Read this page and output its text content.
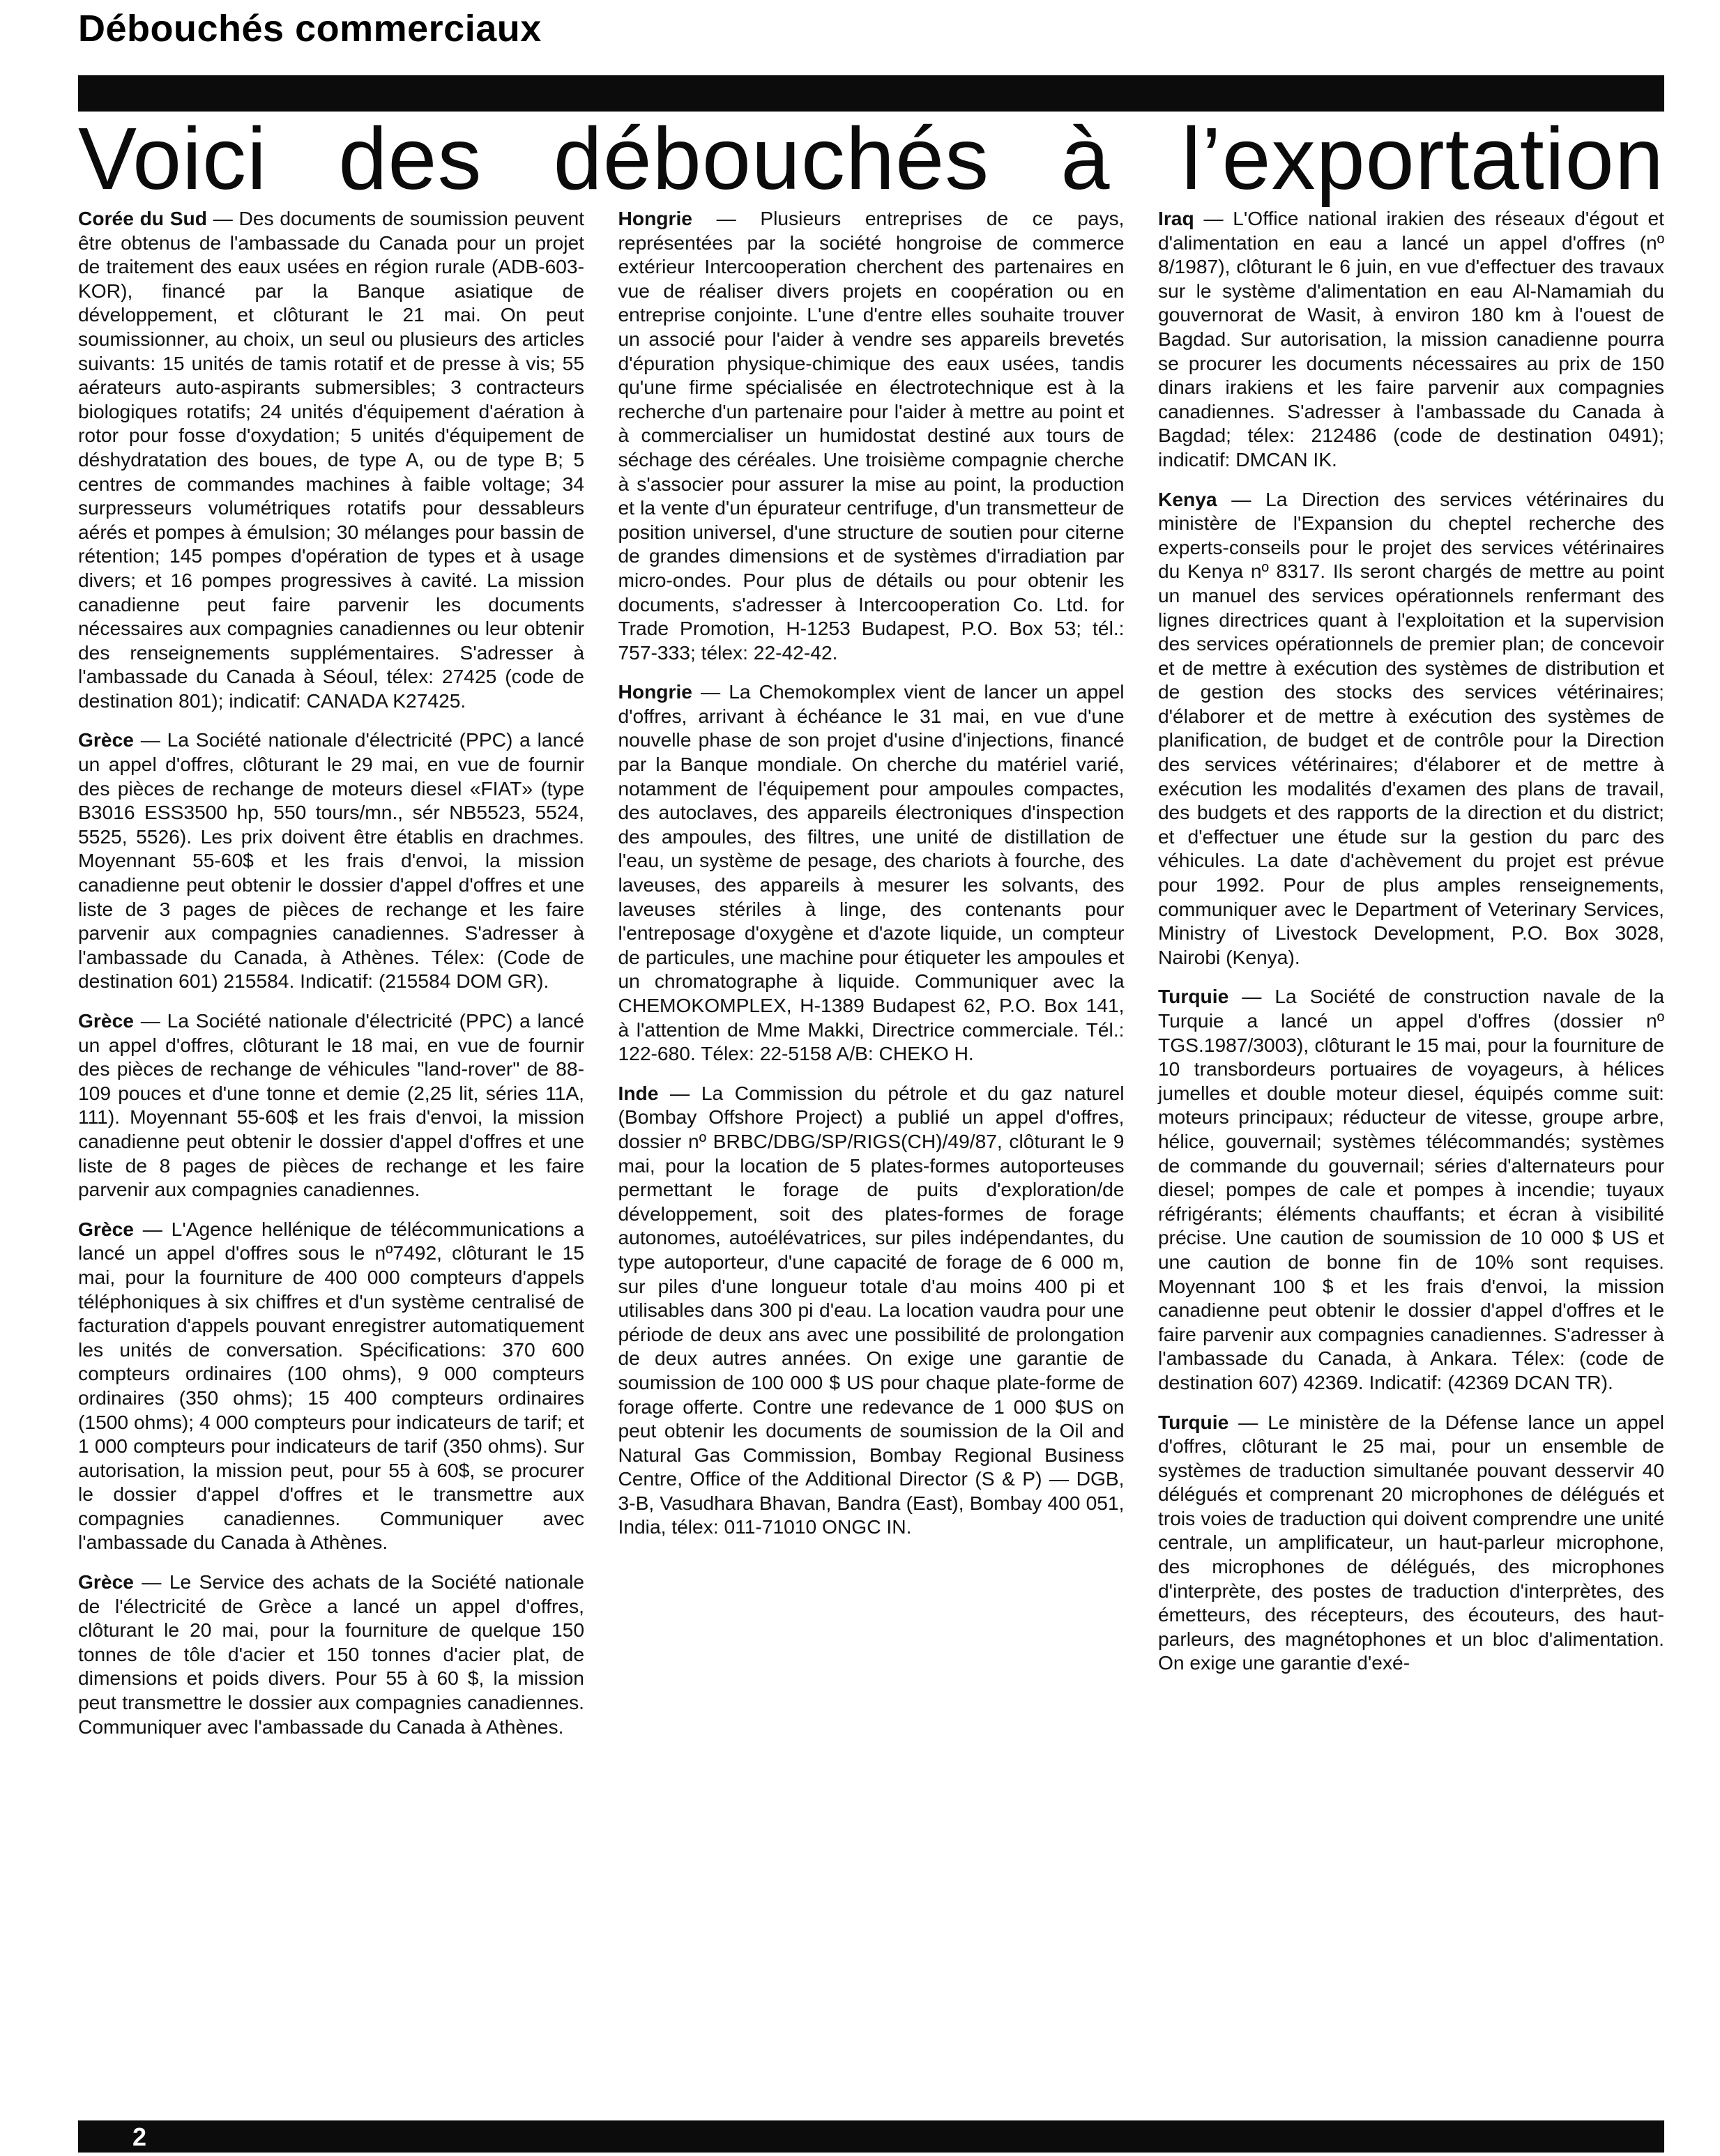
Débouchés commerciaux
Voici des débouchés à l’exportation

Corée du Sud — Des documents de soumission peuvent être obtenus de l'ambassade du Canada pour un projet de traitement des eaux usées en région rurale (ADB-603-KOR), financé par la Banque asiatique de développement, et clôturant le 21 mai. On peut soumissionner, au choix, un seul ou plusieurs des articles suivants: 15 unités de tamis rotatif et de presse à vis; 55 aérateurs auto-aspirants submersibles; 3 contracteurs biologiques rotatifs; 24 unités d'équipement d'aération à rotor pour fosse d'oxydation; 5 unités d'équipement de déshydratation des boues, de type A, ou de type B; 5 centres de commandes machines à faible voltage; 34 surpresseurs volumétriques rotatifs pour dessableurs aérés et pompes à émulsion; 30 mélanges pour bassin de rétention; 145 pompes d'opération de types et à usage divers; et 16 pompes progressives à cavité. La mission canadienne peut faire parvenir les documents nécessaires aux compagnies canadiennes ou leur obtenir des renseignements supplémentaires. S'adresser à l'ambassade du Canada à Séoul, télex: 27425 (code de destination 801); indicatif: CANADA K27425.

Grèce — La Société nationale d'électricité (PPC) a lancé un appel d'offres, clôturant le 29 mai, en vue de fournir des pièces de rechange de moteurs diesel «FIAT» (type B3016 ESS3500 hp, 550 tours/mn., sér NB5523, 5524, 5525, 5526). Les prix doivent être établis en drachmes. Moyennant 55-60$ et les frais d'envoi, la mission canadienne peut obtenir le dossier d'appel d'offres et une liste de 3 pages de pièces de rechange et les faire parvenir aux compagnies canadiennes. S'adresser à l'ambassade du Canada, à Athènes. Télex: (Code de destination 601) 215584. Indicatif: (215584 DOM GR).

Grèce — La Société nationale d'électricité (PPC) a lancé un appel d'offres, clôturant le 18 mai, en vue de fournir des pièces de rechange de véhicules "land-rover" de 88-109 pouces et d'une tonne et demie (2,25 lit, séries 11A, 111). Moyennant 55-60$ et les frais d'envoi, la mission canadienne peut obtenir le dossier d'appel d'offres et une liste de 8 pages de pièces de rechange et les faire parvenir aux compagnies canadiennes.

Grèce — L'Agence hellénique de télécommunications a lancé un appel d'offres sous le nº7492, clôturant le 15 mai, pour la fourniture de 400 000 compteurs d'appels téléphoniques à six chiffres et d'un système centralisé de facturation d'appels pouvant enregistrer automatiquement les unités de conversation. Spécifications: 370 600 compteurs ordinaires (100 ohms), 9 000 compteurs ordinaires (350 ohms); 15 400 compteurs ordinaires (1500 ohms); 4 000 compteurs pour indicateurs de tarif; et 1 000 compteurs pour indicateurs de tarif (350 ohms). Sur autorisation, la mission peut, pour 55 à 60$, se procurer le dossier d'appel d'offres et le transmettre aux compagnies canadiennes. Communiquer avec l'ambassade du Canada à Athènes.

Grèce — Le Service des achats de la Société nationale de l'électricité de Grèce a lancé un appel d'offres, clôturant le 20 mai, pour la fourniture de quelque 150 tonnes de tôle d'acier et 150 tonnes d'acier plat, de dimensions et poids divers. Pour 55 à 60 $, la mission peut transmettre le dossier aux compagnies canadiennes. Communiquer avec l'ambassade du Canada à Athènes.

Hongrie — Plusieurs entreprises de ce pays, représentées par la société hongroise de commerce extérieur Intercooperation cherchent des partenaires en vue de réaliser divers projets en coopération ou en entreprise conjointe. L'une d'entre elles souhaite trouver un associé pour l'aider à vendre ses appareils brevetés d'épuration physique-chimique des eaux usées, tandis qu'une firme spécialisée en électrotechnique est à la recherche d'un partenaire pour l'aider à mettre au point et à commercialiser un humidostat destiné aux tours de séchage des céréales. Une troisième compagnie cherche à s'associer pour assurer la mise au point, la production et la vente d'un épurateur centrifuge, d'un transmetteur de position universel, d'une structure de soutien pour citerne de grandes dimensions et de systèmes d'irradiation par micro-ondes. Pour plus de détails ou pour obtenir les documents, s'adresser à Intercooperation Co. Ltd. for Trade Promotion, H-1253 Budapest, P.O. Box 53; tél.: 757-333; télex: 22-42-42.

Hongrie — La Chemokomplex vient de lancer un appel d'offres, arrivant à échéance le 31 mai, en vue d'une nouvelle phase de son projet d'usine d'injections, financé par la Banque mondiale. On cherche du matériel varié, notamment de l'équipement pour ampoules compactes, des autoclaves, des appareils électroniques d'inspection des ampoules, des filtres, une unité de distillation de l'eau, un système de pesage, des chariots à fourche, des laveuses, des appareils à mesurer les solvants, des laveuses stériles à linge, des contenants pour l'entreposage d'oxygène et d'azote liquide, un compteur de particules, une machine pour étiqueter les ampoules et un chromatographe à liquide. Communiquer avec la CHEMOKOMPLEX, H-1389 Budapest 62, P.O. Box 141, à l'attention de Mme Makki, Directrice commerciale. Tél.: 122-680. Télex: 22-5158 A/B: CHEKO H.

Inde — La Commission du pétrole et du gaz naturel (Bombay Offshore Project) a publié un appel d'offres, dossier nº BRBC/DBG/SP/RIGS(CH)/49/87, clôturant le 9 mai, pour la location de 5 plates-formes autoporteuses permettant le forage de puits d'exploration/de développement, soit des plates-formes de forage autonomes, autoélévatrices, sur piles indépendantes, du type autoporteur, d'une capacité de forage de 6 000 m, sur piles d'une longueur totale d'au moins 400 pi et utilisables dans 300 pi d'eau. La location vaudra pour une période de deux ans avec une possibilité de prolongation de deux autres années. On exige une garantie de soumission de 100 000 $ US pour chaque plate-forme de forage offerte. Contre une redevance de 1 000 $US on peut obtenir les documents de soumission de la Oil and Natural Gas Commission, Bombay Regional Business Centre, Office of the Additional Director (S & P) — DGB, 3-B, Vasudhara Bhavan, Bandra (East), Bombay 400 051, India, télex: 011-71010 ONGC IN.

Iraq — L'Office national irakien des réseaux d'égout et d'alimentation en eau a lancé un appel d'offres (nº 8/1987), clôturant le 6 juin, en vue d'effectuer des travaux sur le système d'alimentation en eau Al-Namamiah du gouvernorat de Wasit, à environ 180 km à l'ouest de Bagdad. Sur autorisation, la mission canadienne pourra se procurer les documents nécessaires au prix de 150 dinars irakiens et les faire parvenir aux compagnies canadiennes. S'adresser à l'ambassade du Canada à Bagdad; télex: 212486 (code de destination 0491); indicatif: DMCAN IK.

Kenya — La Direction des services vétérinaires du ministère de l'Expansion du cheptel recherche des experts-conseils pour le projet des services vétérinaires du Kenya nº 8317. Ils seront chargés de mettre au point un manuel des services opérationnels renfermant des lignes directrices quant à l'exploitation et la supervision des services opérationnels de premier plan; de concevoir et de mettre à exécution des systèmes de distribution et de gestion des stocks des services vétérinaires; d'élaborer et de mettre à exécution des systèmes de planification, de budget et de contrôle pour la Direction des services vétérinaires; d'élaborer et de mettre à exécution les modalités d'examen des plans de travail, des budgets et des rapports de la direction et du district; et d'effectuer une étude sur la gestion du parc des véhicules. La date d'achèvement du projet est prévue pour 1992. Pour de plus amples renseignements, communiquer avec le Department of Veterinary Services, Ministry of Livestock Development, P.O. Box 3028, Nairobi (Kenya).

Turquie — La Société de construction navale de la Turquie a lancé un appel d'offres (dossier nº TGS.1987/3003), clôturant le 15 mai, pour la fourniture de 10 transbordeurs portuaires de voyageurs, à hélices jumelles et double moteur diesel, équipés comme suit: moteurs principaux; réducteur de vitesse, groupe arbre, hélice, gouvernail; systèmes télécommandés; systèmes de commande du gouvernail; séries d'alternateurs pour diesel; pompes de cale et pompes à incendie; tuyaux réfrigérants; éléments chauffants; et écran à visibilité précise. Une caution de soumission de 10 000 $ US et une caution de bonne fin de 10% sont requises. Moyennant 100 $ et les frais d'envoi, la mission canadienne peut obtenir le dossier d'appel d'offres et le faire parvenir aux compagnies canadiennes. S'adresser à l'ambassade du Canada, à Ankara. Télex: (code de destination 607) 42369. Indicatif: (42369 DCAN TR).

Turquie — Le ministère de la Défense lance un appel d'offres, clôturant le 25 mai, pour un ensemble de systèmes de traduction simultanée pouvant desservir 40 délégués et comprenant 20 microphones de délégués et trois voies de traduction qui doivent comprendre une unité centrale, un amplificateur, un haut-parleur microphone, des microphones de délégués, des microphones d'interprète, des postes de traduction d'interprètes, des émetteurs, des récepteurs, des écouteurs, des haut-parleurs, des magnétophones et un bloc d'alimentation. On exige une garantie d'exé-

2
